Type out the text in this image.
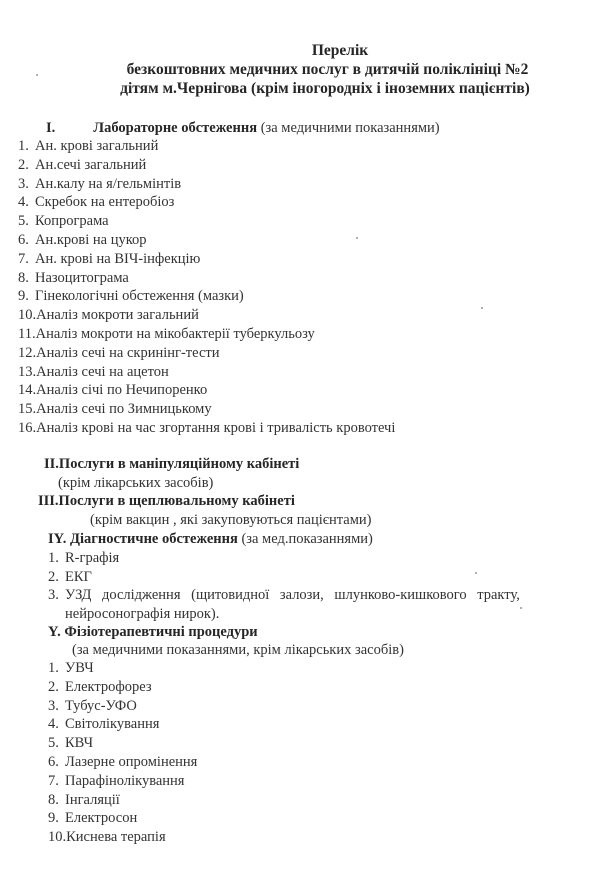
Перелік
безкоштовних медичних послуг в дитячій поліклініці №2
дітям м.Чернігова (крім іногородніх і іноземних пацієнтів)
I.	Лабораторне обстеження (за медичними показаннями)
1. Ан. крові загальний
2. Ан.сечі загальний
3. Ан.калу на я/гельмінтів
4. Скребок на ентеробіоз
5. Копрограма
6. Ан.крові на цукор
7. Ан. крові на ВІЧ-інфекцію
8. Назоцитограма
9. Гінекологічні обстеження (мазки)
10.Аналіз мокроти загальний
11.Аналіз мокроти на мікобактерії туберкульозу
12.Аналіз сечі на скринінг-тести
13.Аналіз сечі на ацетон
14.Аналіз січі по Нечипоренко
15.Аналіз сечі по Зимницькому
16.Аналіз крові на час згортання крові і тривалість кровотечі
II.Послуги в маніпуляційному кабінеті
(крім лікарських засобів)
III.Послуги в щеплювальному кабінеті
(крім вакцин , які закуповуються пацієнтами)
IY. Діагностичне обстеження (за мед.показаннями)
1. R-графія
2. ЕКГ
3. УЗД дослідження (щитовидної залози, шлунково-кишкового тракту,
нейросонографія нирок).
Y. Фізіотерапевтичні процедури
(за медичними показаннями, крім лікарських засобів)
1. УВЧ
2. Електрофорез
3. Тубус-УФО
4. Світолікування
5. КВЧ
6. Лазерне опромінення
7. Парафінолікування
8. Інгаляції
9. Електросон
10.Киснева терапія
